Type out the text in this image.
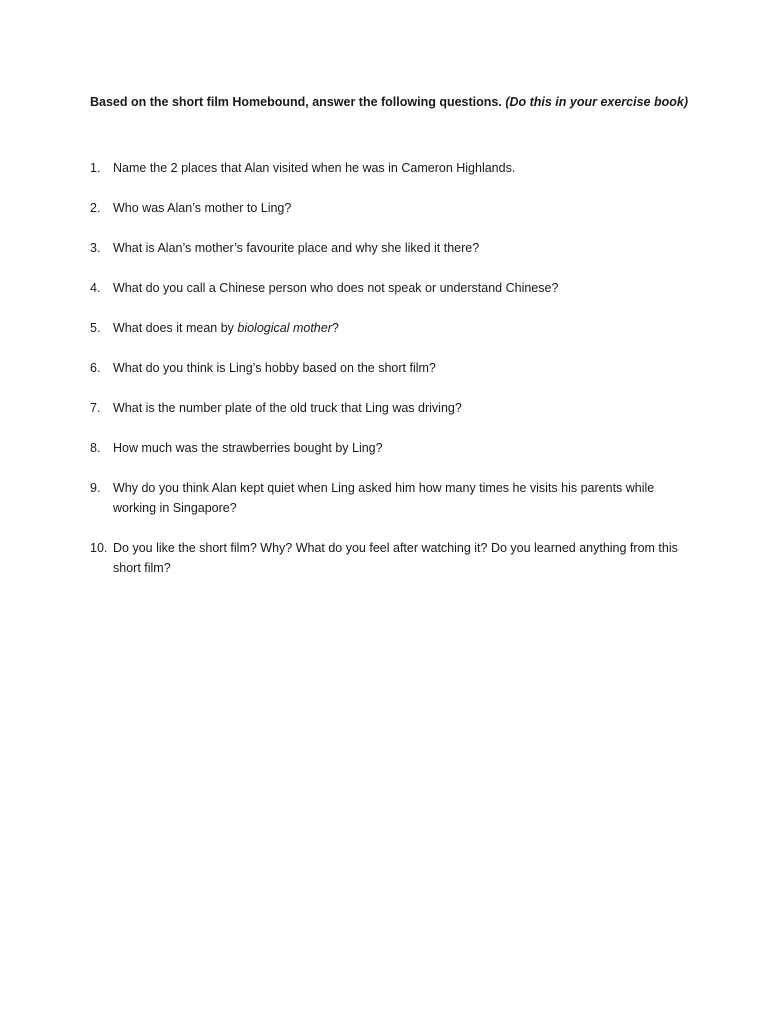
Based on the short film Homebound, answer the following questions. (Do this in your exercise book)
1.	Name the 2 places that Alan visited when he was in Cameron Highlands.
2.	Who was Alan’s mother to Ling?
3.	What is Alan’s mother’s favourite place and why she liked it there?
4.	What do you call a Chinese person who does not speak or understand Chinese?
5.	What does it mean by biological mother?
6.	What do you think is Ling’s hobby based on the short film?
7.	What is the number plate of the old truck that Ling was driving?
8.	How much was the strawberries bought by Ling?
9.	Why do you think Alan kept quiet when Ling asked him how many times he visits his parents while working in Singapore?
10. Do you like the short film? Why? What do you feel after watching it? Do you learned anything from this short film?
